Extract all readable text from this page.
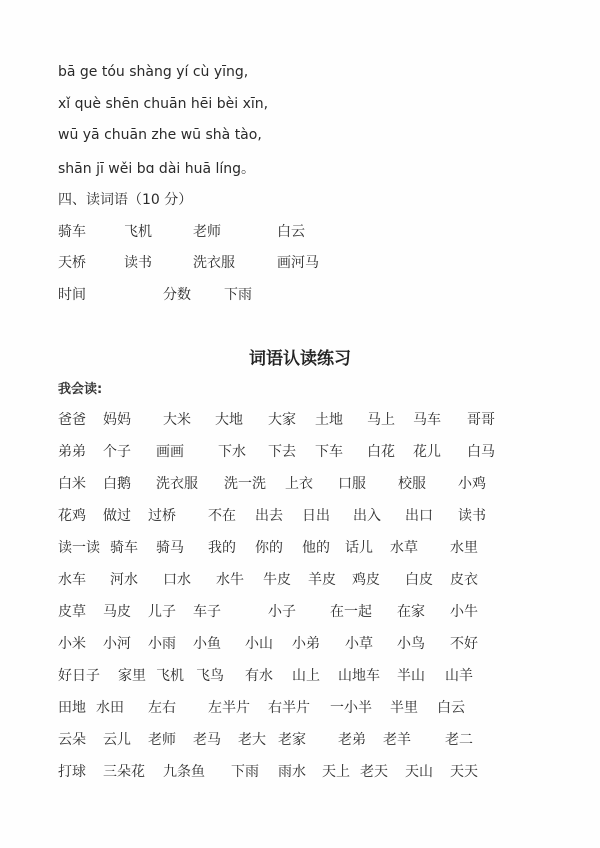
bā ge tóu shàng yí cù yīng,
xǐ què shēn chuān hēi bèi xīn,
wū yā chuān zhe wū shà tào,
shān jī wěi bɑ dài huā líng。
四、读词语（10 分）
骑车	飞机	老师	白云
天桥	读书	洗衣服	画河马
时间	分数 下雨
词语认读练习
我会读:
爸爸 妈妈 大米 大地 大家 土地 马上 马车 哥哥
弟弟 个子 画画 下水 下去 下车 白花 花儿 白马
白米 白鹅 洗衣服 洗一洗 上衣 口服 校服 小鸡
花鸡 做过 过桥 不在 出去 日出 出入 出口 读书
读一读 骑车 骑马 我的 你的 他的 话儿 水草 水里
水车 河水 口水 水牛 牛皮 羊皮 鸡皮 白皮 皮衣
皮草 马皮 儿子 车子	小子 在一起 在家 小牛
小米 小河 小雨 小鱼 小山 小弟 小草 小鸟 不好
好日子 家里 飞机 飞鸟 有水 山上 山地车 半山 山羊
田地 水田 左右 左半片 右半片 一小半 半里 白云
云朵 云儿 老师 老马 老大 老家 老弟 老羊 老二
打球 三朵花 九条鱼 下雨 雨水 天上 老天 天山 天天
